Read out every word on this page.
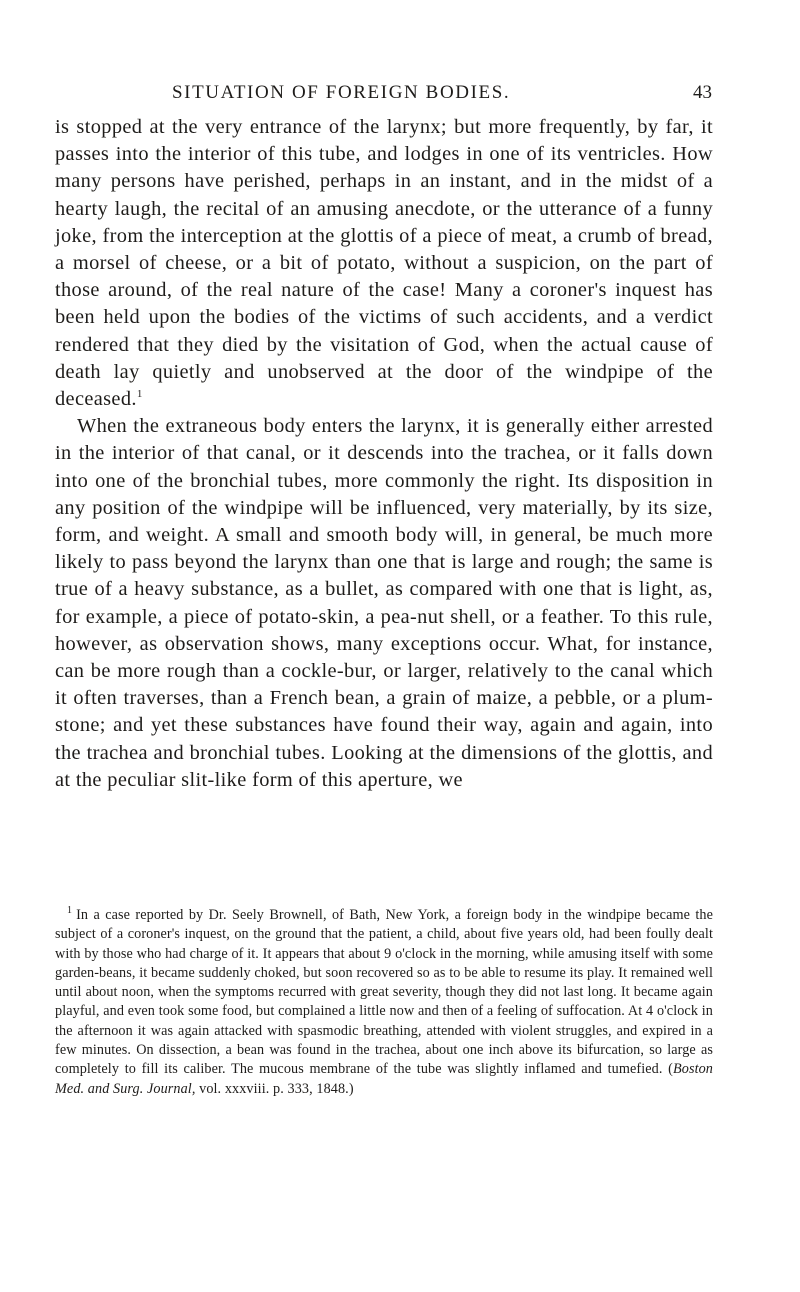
SITUATION OF FOREIGN BODIES.	43

is stopped at the very entrance of the larynx; but more frequently, by far, it passes into the interior of this tube, and lodges in one of its ventricles. How many persons have perished, perhaps in an instant, and in the midst of a hearty laugh, the recital of an amusing anecdote, or the utterance of a funny joke, from the interception at the glottis of a piece of meat, a crumb of bread, a morsel of cheese, or a bit of potato, without a suspicion, on the part of those around, of the real nature of the case! Many a coroner's inquest has been held upon the bodies of the victims of such accidents, and a verdict rendered that they died by the visitation of God, when the actual cause of death lay quietly and unobserved at the door of the windpipe of the deceased.$^1$

When the extraneous body enters the larynx, it is generally either arrested in the interior of that canal, or it descends into the trachea, or it falls down into one of the bronchial tubes, more commonly the right. Its disposition in any position of the windpipe will be influenced, very materially, by its size, form, and weight. A small and smooth body will, in general, be much more likely to pass beyond the larynx than one that is large and rough; the same is true of a heavy substance, as a bullet, as compared with one that is light, as, for example, a piece of potato-skin, a pea-nut shell, or a feather. To this rule, however, as observation shows, many exceptions occur. What, for instance, can be more rough than a cockle-bur, or larger, relatively to the canal which it often traverses, than a French bean, a grain of maize, a pebble, or a plum-stone; and yet these substances have found their way, again and again, into the trachea and bronchial tubes. Looking at the dimensions of the glottis, and at the peculiar slit-like form of this aperture, we

$^1$ In a case reported by Dr. Seely Brownell, of Bath, New York, a foreign body in the windpipe became the subject of a coroner's inquest, on the ground that the patient, a child, about five years old, had been foully dealt with by those who had charge of it. It appears that about 9 o'clock in the morning, while amusing itself with some garden-beans, it became suddenly choked, but soon recovered so as to be able to resume its play. It remained well until about noon, when the symptoms recurred with great severity, though they did not last long. It became again playful, and even took some food, but complained a little now and then of a feeling of suffocation. At 4 o'clock in the afternoon it was again attacked with spasmodic breathing, attended with violent struggles, and expired in a few minutes. On dissection, a bean was found in the trachea, about one inch above its bifurcation, so large as completely to fill its caliber. The mucous membrane of the tube was slightly inflamed and tumefied. (Boston Med. and Surg. Journal, vol. xxxviii. p. 333, 1848.)
